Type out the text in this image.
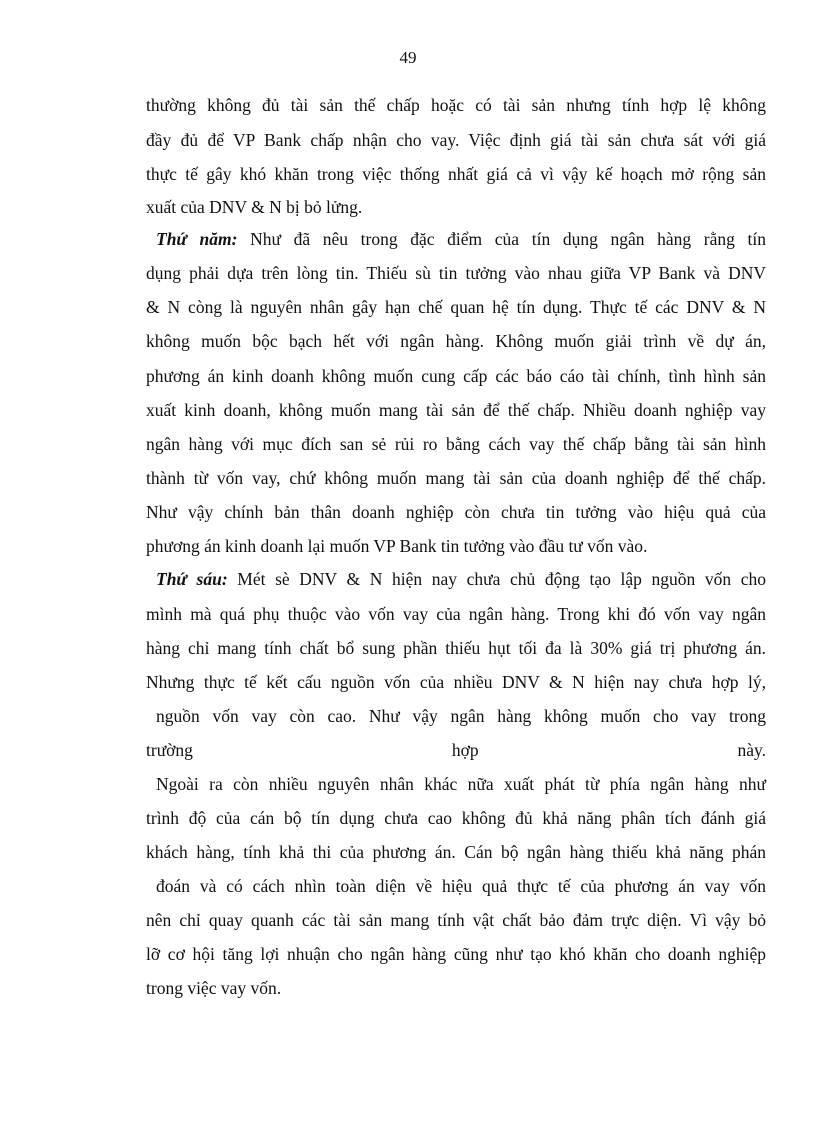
49
thường không đủ tài sản thế chấp hoặc có tài sản nhưng tính hợp lệ không
đầy đủ để VP Bank chấp nhận cho vay. Việc định giá tài sản chưa sát với giá
thực tế gây khó khăn trong việc thống nhất giá cả vì vậy kế hoạch mở rộng sản
xuất của DNV & N bị bỏ lửng.
Thứ năm: Như đã nêu trong đặc điểm của tín dụng ngân hàng rằng tín
dụng phải dựa trên lòng tin. Thiếu sù tin tưởng vào nhau giữa VP Bank và DNV
& N còng là nguyên nhân gây hạn chế quan hệ tín dụng. Thực tế các DNV & N
không muốn bộc bạch hết với ngân hàng. Không muốn giải trình về dự án,
phương án kinh doanh không muốn cung cấp các báo cáo tài chính, tình hình sản
xuất kinh doanh, không muốn mang tài sản để thế chấp. Nhiều doanh nghiệp vay
ngân hàng với mục đích san sẻ rủi ro bằng cách vay thế chấp bằng tài sản hình
thành từ vốn vay, chứ không muốn mang tài sản của doanh nghiệp để thế chấp.
Như vậy chính bản thân doanh nghiệp còn chưa tin tưởng vào hiệu quả của
phương án kinh doanh lại muốn VP Bank tin tưởng vào đầu tư vốn vào.
Thứ sáu: Mét sè DNV & N hiện nay chưa chủ động tạo lập nguồn vốn cho
mình mà quá phụ thuộc vào vốn vay của ngân hàng. Trong khi đó vốn vay ngân
hàng chỉ mang tính chất bổ sung phần thiếu hụt tối đa là 30% giá trị phương án.
Nhưng thực tế kết cấu nguồn vốn của nhiều DNV & N hiện nay chưa hợp lý,
nguồn vốn vay còn cao. Như vậy ngân hàng không muốn cho vay trong
trường hợp này.
Ngoài ra còn nhiều nguyên nhân khác nữa xuất phát từ phía ngân hàng như
trình độ của cán bộ tín dụng chưa cao không đủ khả năng phân tích đánh giá
khách hàng, tính khả thi của phương án. Cán bộ ngân hàng thiếu khả năng phán
đoán và có cách nhìn toàn diện về hiệu quả thực tế của phương án vay vốn
nên chỉ quay quanh các tài sản mang tính vật chất bảo đảm trực diện. Vì vậy bỏ
lỡ cơ hội tăng lợi nhuận cho ngân hàng cũng như tạo khó khăn cho doanh nghiệp
trong việc vay vốn.
